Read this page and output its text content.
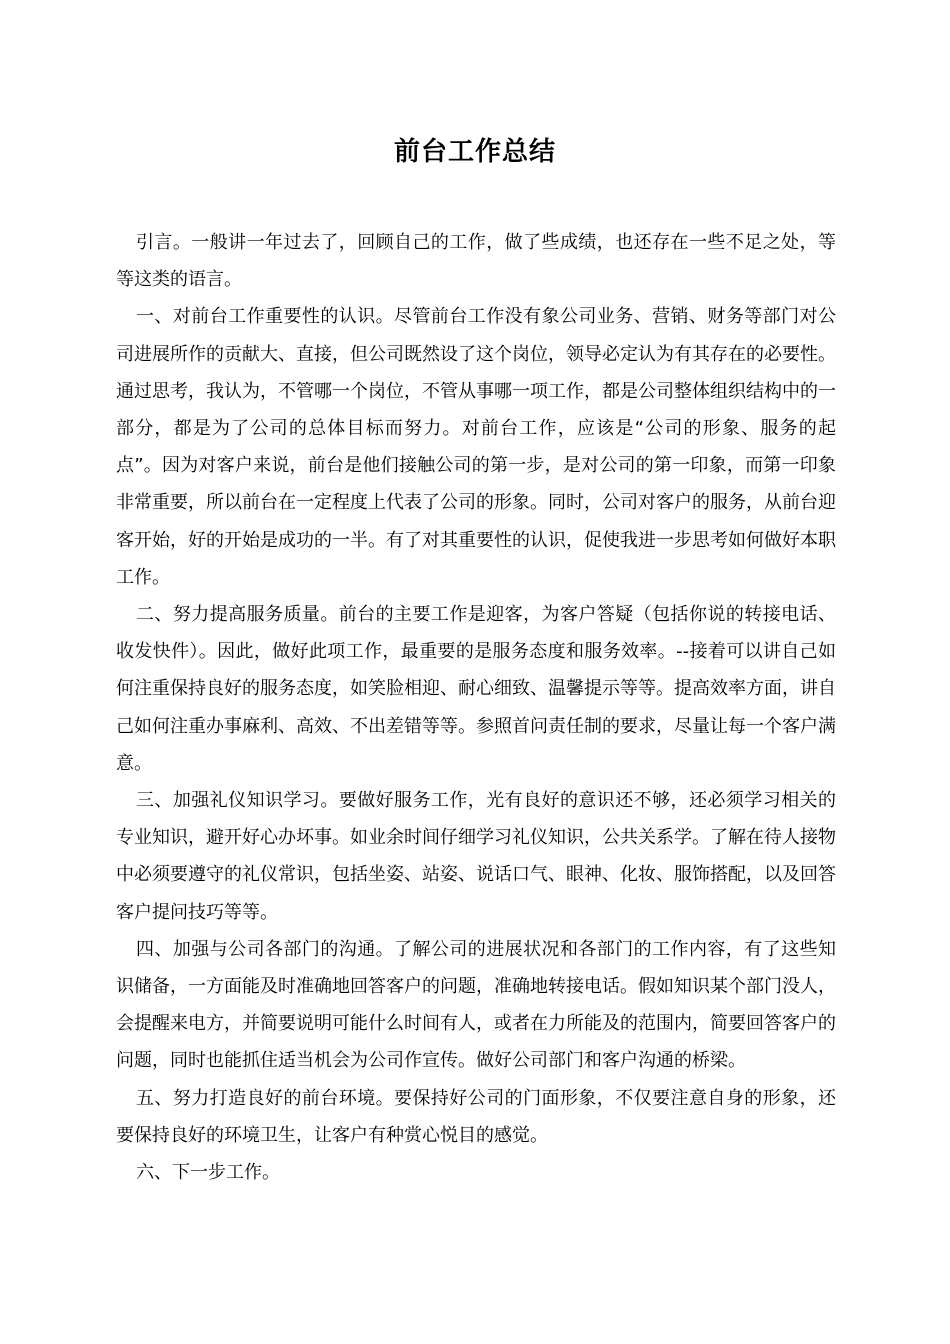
前台工作总结

引言。一般讲一年过去了，回顾自己的工作，做了些成绩，也还存在一些不足之处，等等这类的语言。

一、对前台工作重要性的认识。尽管前台工作没有象公司业务、营销、财务等部门对公司进展所作的贡献大、直接，但公司既然设了这个岗位，领导必定认为有其存在的必要性。通过思考，我认为，不管哪一个岗位，不管从事哪一项工作，都是公司整体组织结构中的一部分，都是为了公司的总体目标而努力。对前台工作，应该是“公司的形象、服务的起点”。因为对客户来说，前台是他们接触公司的第一步，是对公司的第一印象，而第一印象非常重要，所以前台在一定程度上代表了公司的形象。同时，公司对客户的服务，从前台迎客开始，好的开始是成功的一半。有了对其重要性的认识，促使我进一步思考如何做好本职工作。

二、努力提高服务质量。前台的主要工作是迎客，为客户答疑（包括你说的转接电话、收发快件）。因此，做好此项工作，最重要的是服务态度和服务效率。--接着可以讲自己如何注重保持良好的服务态度，如笑脸相迎、耐心细致、温馨提示等等。提高效率方面，讲自己如何注重办事麻利、高效、不出差错等等。参照首问责任制的要求，尽量让每一个客户满意。

三、加强礼仪知识学习。要做好服务工作，光有良好的意识还不够，还必须学习相关的专业知识，避开好心办坏事。如业余时间仔细学习礼仪知识，公共关系学。了解在待人接物中必须要遵守的礼仪常识，包括坐姿、站姿、说话口气、眼神、化妆、服饰搭配，以及回答客户提问技巧等等。

四、加强与公司各部门的沟通。了解公司的进展状况和各部门的工作内容，有了这些知识储备，一方面能及时准确地回答客户的问题，准确地转接电话。假如知识某个部门没人，会提醒来电方，并简要说明可能什么时间有人，或者在力所能及的范围内，简要回答客户的问题，同时也能抓住适当机会为公司作宣传。做好公司部门和客户沟通的桥梁。

五、努力打造良好的前台环境。要保持好公司的门面形象，不仅要注意自身的形象，还要保持良好的环境卫生，让客户有种赏心悦目的感觉。

六、下一步工作。
